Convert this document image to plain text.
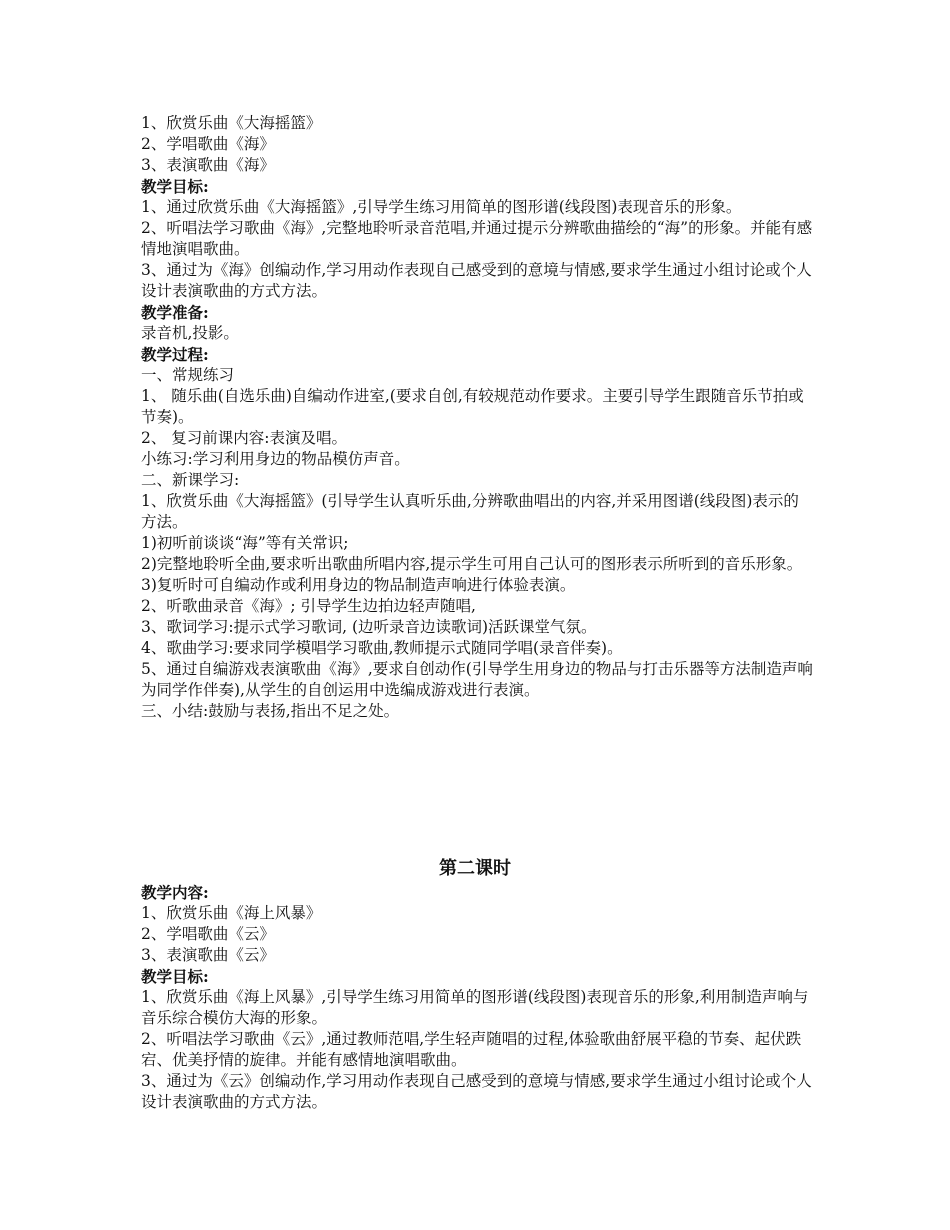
1、欣赏乐曲《大海摇篮》

2、学唱歌曲《海》

3、表演歌曲《海》

教学目标:

1、通过欣赏乐曲《大海摇篮》,引导学生练习用简单的图形谱(线段图)表现音乐的形象。

2、听唱法学习歌曲《海》,完整地聆听录音范唱,并通过提示分辨歌曲描绘的“海”的形象。并能有感情地演唱歌曲。

3、通过为《海》创编动作,学习用动作表现自己感受到的意境与情感,要求学生通过小组讨论或个人设计表演歌曲的方式方法。

教学准备:

录音机,投影。

教学过程:

一、常规练习

1、 随乐曲(自选乐曲)自编动作进室,(要求自创,有较规范动作要求。主要引导学生跟随音乐节拍或节奏)。

2、 复习前课内容:表演及唱。

小练习:学习利用身边的物品模仿声音。

二、新课学习:

1、欣赏乐曲《大海摇篮》(引导学生认真听乐曲,分辨歌曲唱出的内容,并采用图谱(线段图)表示的方法。

1)初听前谈谈“海”等有关常识;

2)完整地聆听全曲,要求听出歌曲所唱内容,提示学生可用自己认可的图形表示所听到的音乐形象。

3)复听时可自编动作或利用身边的物品制造声响进行体验表演。

2、听歌曲录音《海》; 引导学生边拍边轻声随唱,

3、歌词学习:提示式学习歌词, (边听录音边读歌词)活跃课堂气氛。

4、歌曲学习:要求同学模唱学习歌曲,教师提示式随同学唱(录音伴奏)。

5、通过自编游戏表演歌曲《海》,要求自创动作(引导学生用身边的物品与打击乐器等方法制造声响为同学作伴奏),从学生的自创运用中选编成游戏进行表演。

三、小结:鼓励与表扬,指出不足之处。

第二课时

教学内容:

1、欣赏乐曲《海上风暴》

2、学唱歌曲《云》

3、表演歌曲《云》

教学目标:

1、欣赏乐曲《海上风暴》,引导学生练习用简单的图形谱(线段图)表现音乐的形象,利用制造声响与音乐综合模仿大海的形象。

2、听唱法学习歌曲《云》,通过教师范唱,学生轻声随唱的过程,体验歌曲舒展平稳的节奏、起伏跌宕、优美抒情的旋律。并能有感情地演唱歌曲。

3、通过为《云》创编动作,学习用动作表现自己感受到的意境与情感,要求学生通过小组讨论或个人设计表演歌曲的方式方法。
